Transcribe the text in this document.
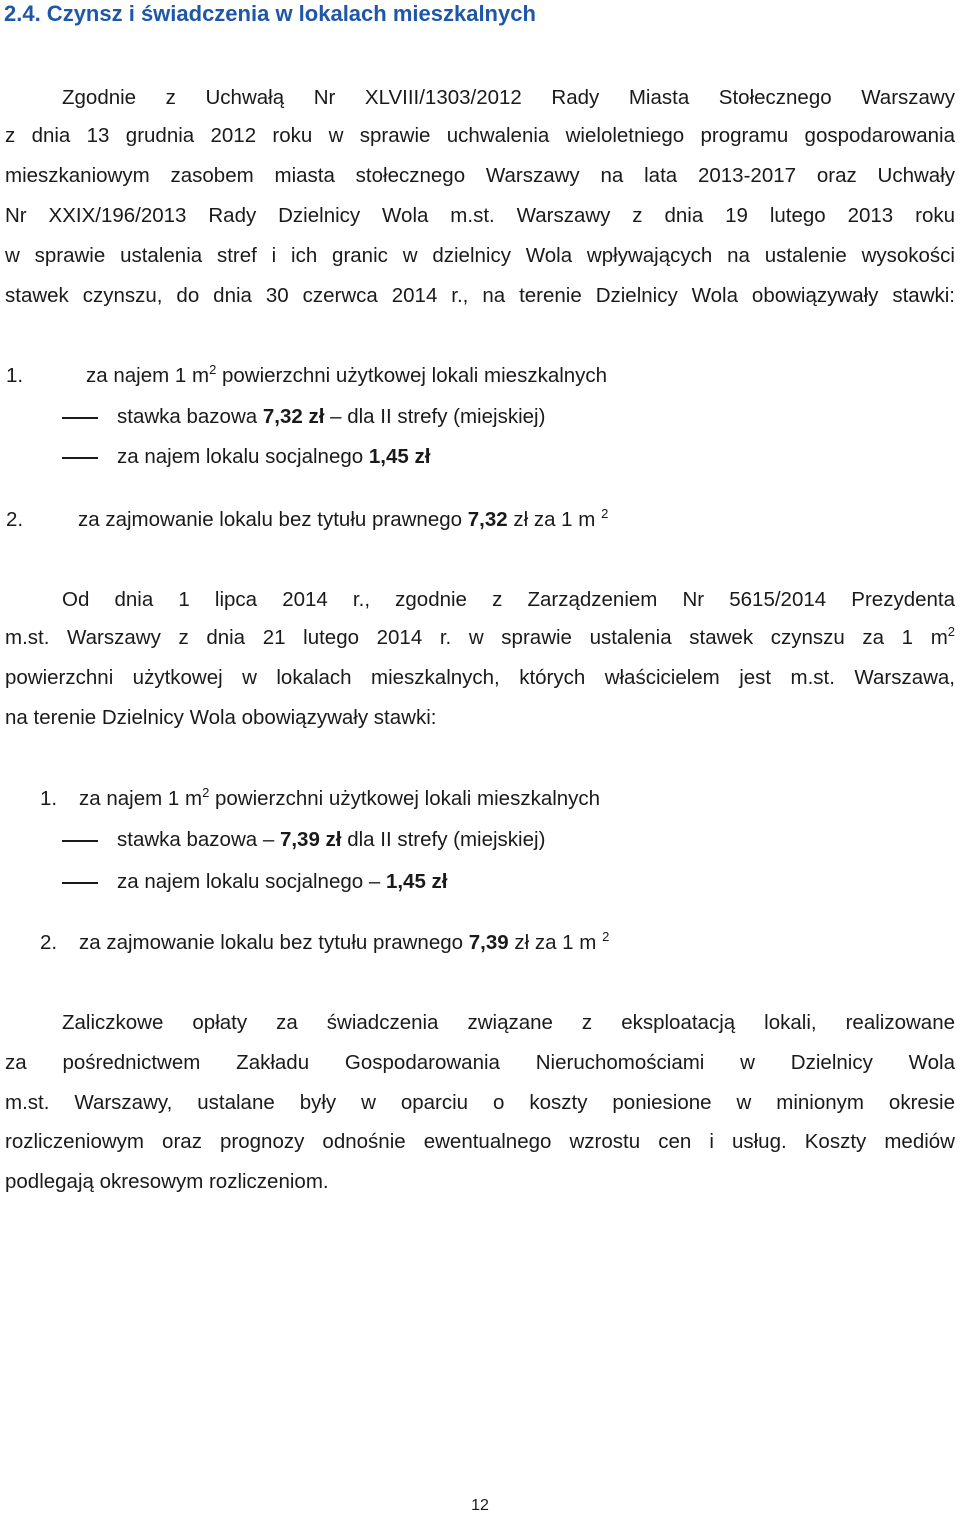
2.4. Czynsz i świadczenia w lokalach mieszkalnych
Zgodnie z Uchwałą Nr XLVIII/1303/2012 Rady Miasta Stołecznego Warszawy
z dnia 13 grudnia 2012 roku w sprawie uchwalenia wieloletniego programu gospodarowania
mieszkaniowym zasobem miasta stołecznego Warszawy na lata 2013-2017 oraz Uchwały
Nr XXIX/196/2013 Rady Dzielnicy Wola m.st. Warszawy z dnia 19 lutego 2013 roku
w sprawie ustalenia stref i ich granic w dzielnicy Wola wpływających na ustalenie wysokości
stawek czynszu, do dnia 30 czerwca 2014 r., na terenie Dzielnicy Wola obowiązywały stawki:
1.	za najem 1 $m^2$ powierzchni użytkowej lokali mieszkalnych
stawka bazowa 7,32 zł – dla II strefy (miejskiej)
za najem lokalu socjalnego 1,45 zł
2.	za zajmowanie lokalu bez tytułu prawnego 7,32 zł za 1 m $^2$
Od dnia 1 lipca 2014 r., zgodnie z Zarządzeniem Nr 5615/2014 Prezydenta
m.st. Warszawy z dnia 21 lutego 2014 r. w sprawie ustalenia stawek czynszu za 1 $m^2$
powierzchni użytkowej w lokalach mieszkalnych, których właścicielem jest m.st. Warszawa,
na terenie Dzielnicy Wola obowiązywały stawki:
1. za najem 1 $m^2$ powierzchni użytkowej lokali mieszkalnych
stawka bazowa – 7,39 zł dla II strefy (miejskiej)
za najem lokalu socjalnego – 1,45 zł
2. za zajmowanie lokalu bez tytułu prawnego 7,39 zł za 1 m $^2$
Zaliczkowe opłaty za świadczenia związane z eksploatacją lokali, realizowane
za pośrednictwem Zakładu Gospodarowania Nieruchomościami w Dzielnicy Wola
m.st. Warszawy, ustalane były w oparciu o koszty poniesione w minionym okresie
rozliczeniowym oraz prognozy odnośnie ewentualnego wzrostu cen i usług. Koszty mediów
podlegają okresowym rozliczeniom.
12
